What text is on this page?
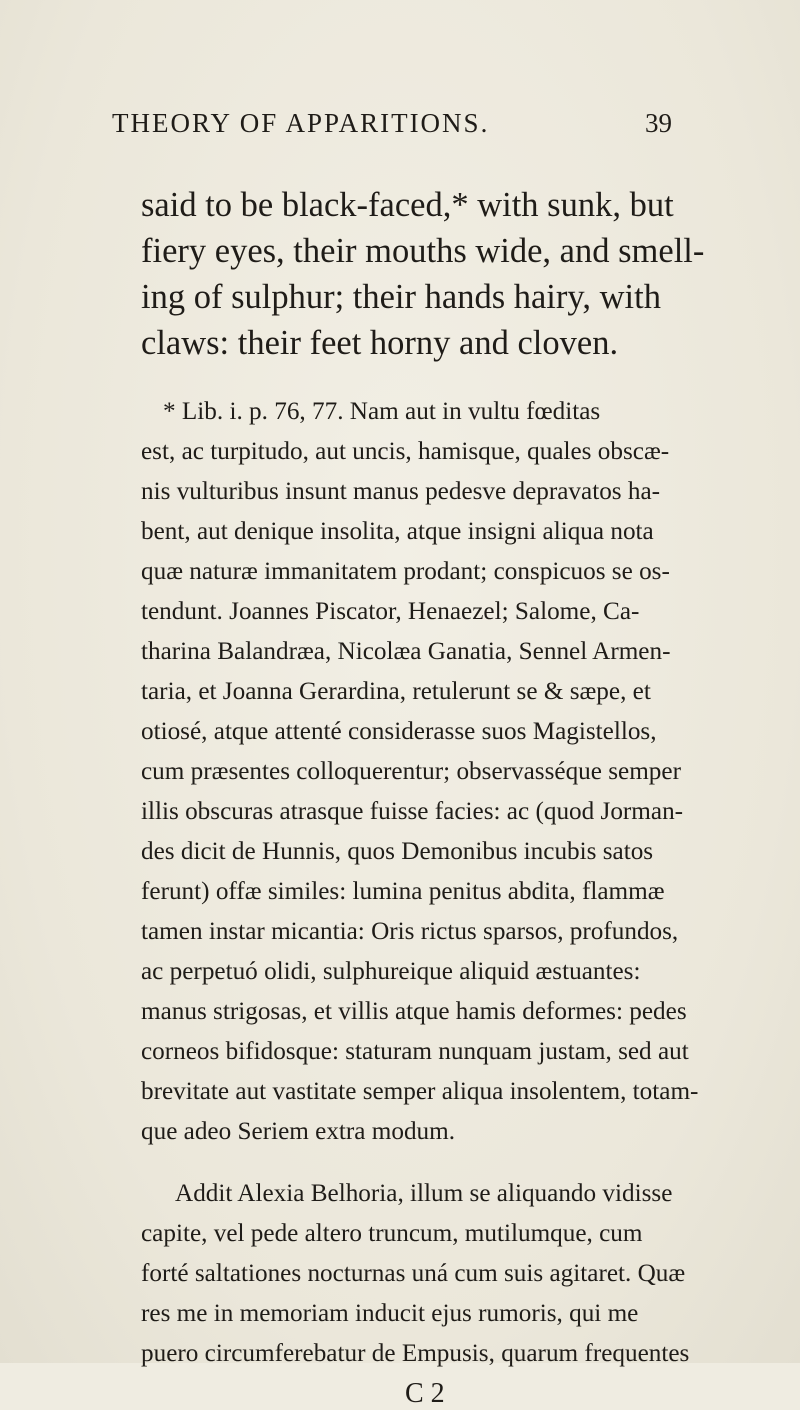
THEORY OF APPARITIONS.	39
said to be black-faced,* with sunk, but
fiery eyes, their mouths wide, and smell-
ing of sulphur; their hands hairy, with
claws: their feet horny and cloven.
* Lib. i. p. 76, 77. Nam aut in vultu fœditas
est, ac turpitudo, aut uncis, hamisque, quales obscæ-
nis vulturibus insunt manus pedesve depravatos ha-
bent, aut denique insolita, atque insigni aliqua nota
quæ naturæ immanitatem prodant; conspicuos se os-
tendunt. Joannes Piscator, Henaezel; Salome, Ca-
tharina Balandræa, Nicolæa Ganatia, Sennel Armen-
taria, et Joanna Gerardina, retulerunt se & sæpe, et
otiosé, atque attenté considerasse suos Magistellos,
cum præsentes colloquerentur; observasséque semper
illis obscuras atrasque fuisse facies: ac (quod Jorman-
des dicit de Hunnis, quos Demonibus incubis satos
ferunt) offæ similes: lumina penitus abdita, flammæ
tamen instar micantia: Oris rictus sparsos, profundos,
ac perpetuó olidi, sulphureique aliquid æstuantes:
manus strigosas, et villis atque hamis deformes: pedes
corneos bifidosque: staturam nunquam justam, sed aut
brevitate aut vastitate semper aliqua insolentem, totam-
que adeo Seriem extra modum.
Addit Alexia Belhoria, illum se aliquando vidisse
capite, vel pede altero truncum, mutilumque, cum
forté saltationes nocturnas uná cum suis agitaret. Quæ
res me in memoriam inducit ejus rumoris, qui me
puero circumferebatur de Empusis, quarum frequentes
C 2
